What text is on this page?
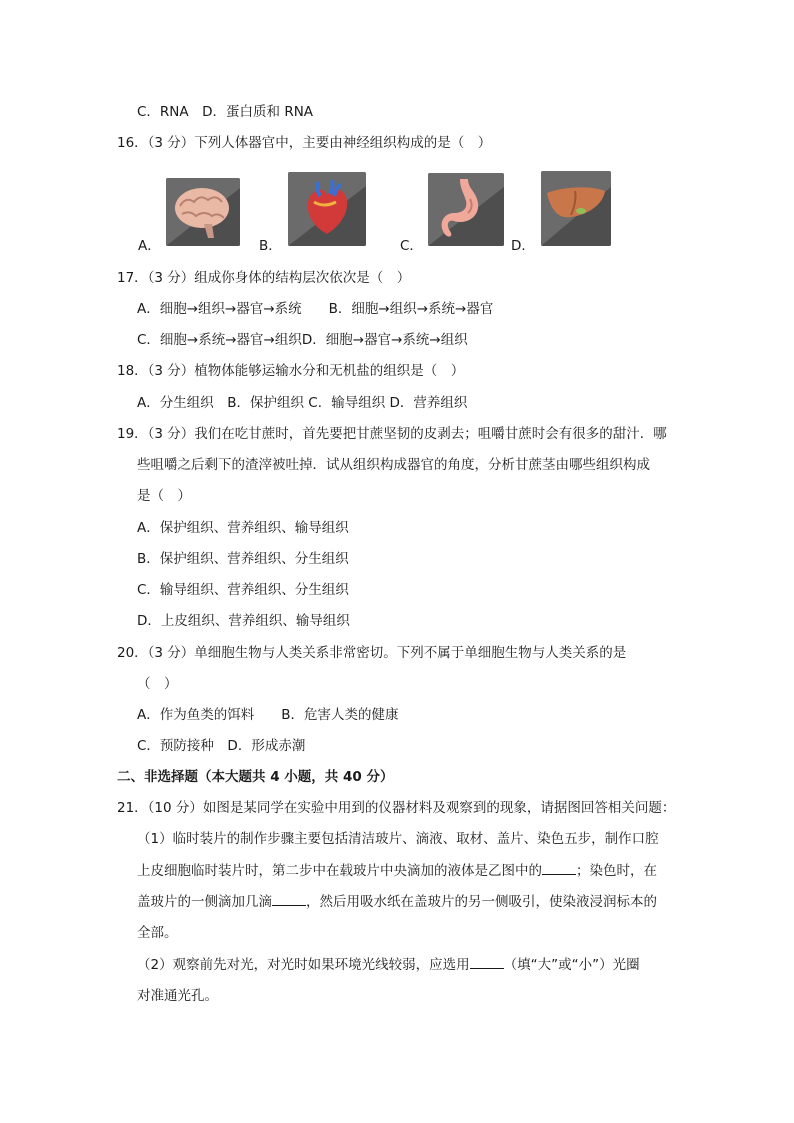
C．RNA　D．蛋白质和 RNA
16．（3 分）下列人体器官中，主要由神经组织构成的是（　）
A．	B．	C．	D．
17．（3 分）组成你身体的结构层次依次是（　）
A．细胞→组织→器官→系统　　B．细胞→组织→系统→器官
C．细胞→系统→器官→组织D．细胞→器官→系统→组织
18．（3 分）植物体能够运输水分和无机盐的组织是（　）
A．分生组织　B．保护组织 C．输导组织 D．营养组织
19．（3 分）我们在吃甘蔗时，首先要把甘蔗坚韧的皮剥去；咀嚼甘蔗时会有很多的甜汁．哪
些咀嚼之后剩下的渣滓被吐掉．试从组织构成器官的角度，分析甘蔗茎由哪些组织构成
是（　）
A．保护组织、营养组织、输导组织
B．保护组织、营养组织、分生组织
C．输导组织、营养组织、分生组织
D．上皮组织、营养组织、输导组织
20．（3 分）单细胞生物与人类关系非常密切。下列不属于单细胞生物与人类关系的是
（　）
A．作为鱼类的饵料　　B．危害人类的健康
C．预防接种　D．形成赤潮
二、非选择题（本大题共 4 小题，共 40 分）
21．（10 分）如图是某同学在实验中用到的仪器材料及观察到的现象，请据图回答相关问题：
（1）临时装片的制作步骤主要包括清洁玻片、滴液、取材、盖片、染色五步，制作口腔
上皮细胞临时装片时，第二步中在载玻片中央滴加的液体是乙图中的	；染色时，在
盖玻片的一侧滴加几滴	，然后用吸水纸在盖玻片的另一侧吸引，使染液浸润标本的
全部。
（2）观察前先对光，对光时如果环境光线较弱，应选用	（填“大”或“小”）光圈
对准通光孔。
